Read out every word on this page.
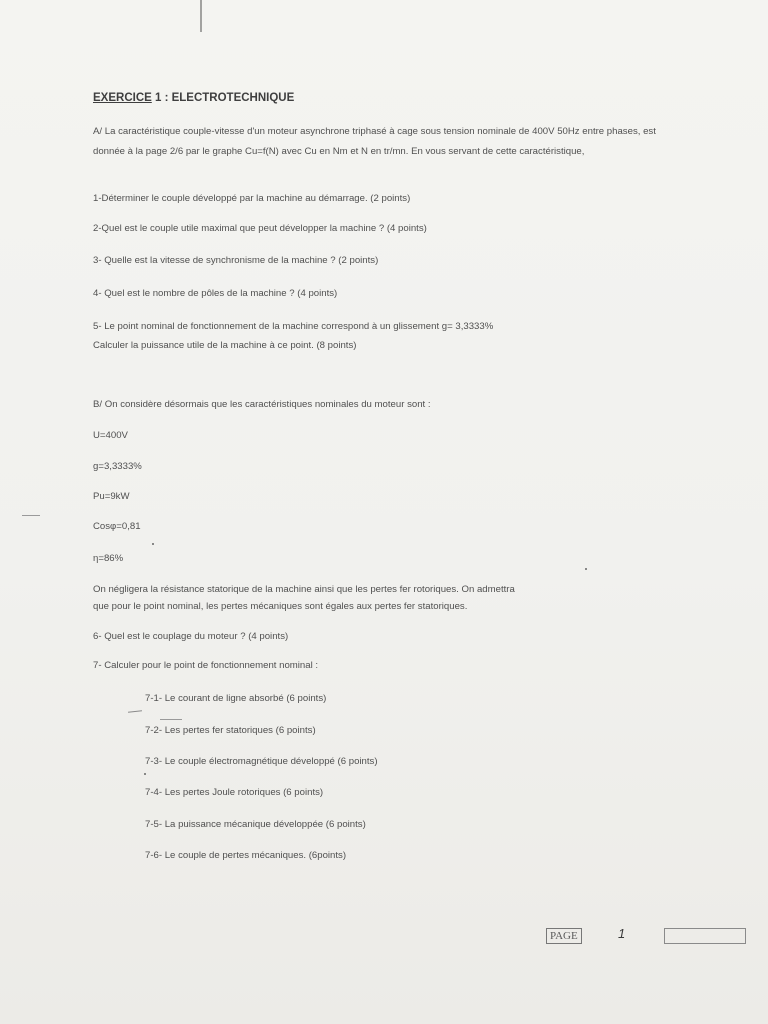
EXERCICE 1 : ELECTROTECHNIQUE
A/ La caractéristique couple-vitesse d'un moteur asynchrone triphasé à cage sous tension nominale de 400V 50Hz entre phases, est donnée à la page 2/6 par le graphe Cu=f(N) avec Cu en Nm et N en tr/mn. En vous servant de cette caractéristique,
1-Déterminer le couple développé par la machine au démarrage. (2 points)
2-Quel est le couple utile maximal que peut développer la machine ? (4 points)
3- Quelle est la vitesse de synchronisme de la machine ? (2 points)
4- Quel est le nombre de pôles de la machine ? (4 points)
5- Le point nominal de fonctionnement de la machine correspond à un glissement g= 3,3333%
Calculer la puissance utile de la machine à ce point. (8 points)
B/ On considère désormais que les caractéristiques nominales du moteur sont :
U=400V
g=3,3333%
Pu=9kW
Cosφ=0,81
η=86%
On négligera la résistance statorique de la machine ainsi que les pertes fer rotoriques. On admettra
que pour le point nominal, les pertes mécaniques sont égales aux pertes fer statoriques.
6- Quel est le couplage du moteur ? (4 points)
7- Calculer pour le point de fonctionnement nominal :
7-1- Le courant de ligne absorbé (6 points)
7-2- Les pertes fer statoriques (6 points)
7-3- Le couple électromagnétique développé (6 points)
7-4- Les pertes Joule rotoriques (6 points)
7-5- La puissance mécanique développée (6 points)
7-6- Le couple de pertes mécaniques. (6points)
PAGE	1
